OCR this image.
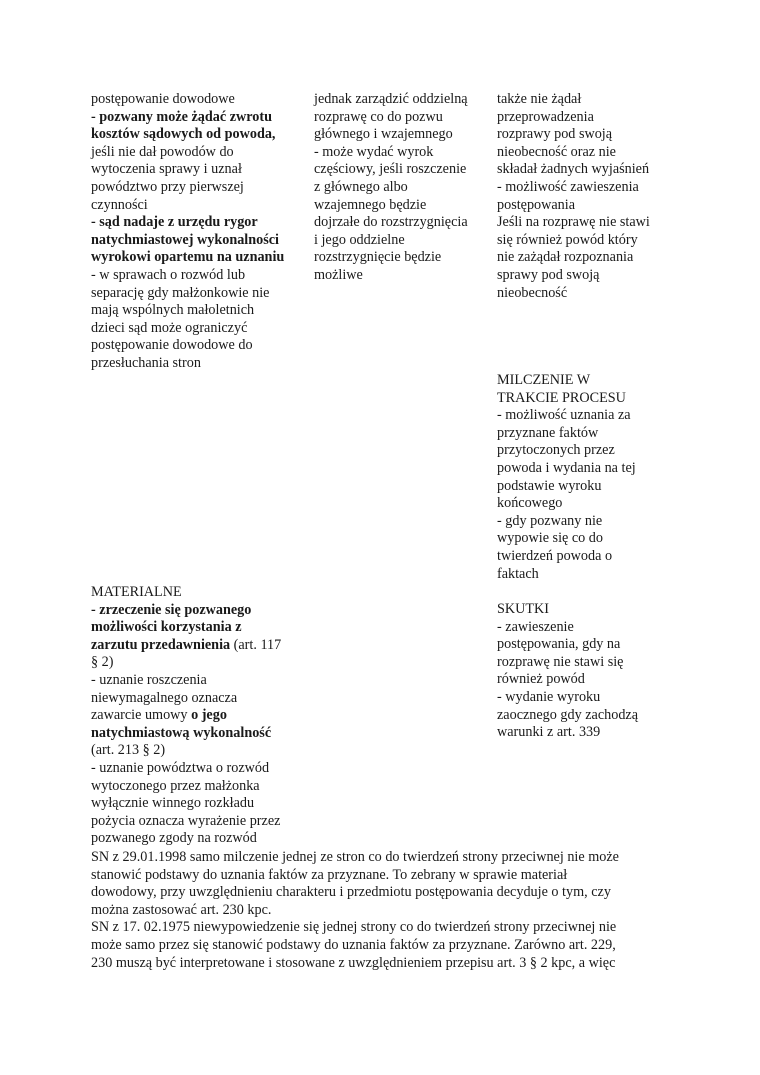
postępowanie dowodowe
- pozwany może żądać zwrotu
kosztów sądowych od powoda,
jeśli nie dał powodów do
wytoczenia sprawy i uznał
powództwo przy pierwszej
czynności
- sąd nadaje z urzędu rygor
natychmiastowej wykonalności
wyrokowi opartemu na uznaniu
- w sprawach o rozwód lub
separację gdy małżonkowie nie
mają wspólnych małoletnich
dzieci sąd może ograniczyć
postępowanie dowodowe do
przesłuchania stron
jednak zarządzić oddzielną
rozprawę co do pozwu
głównego i wzajemnego
- może wydać wyrok
częściowy, jeśli roszczenie
z głównego albo
wzajemnego będzie
dojrzałe do rozstrzygnięcia
i jego oddzielne
rozstrzygnięcie będzie
możliwe
także nie żądał
przeprowadzenia
rozprawy pod swoją
nieobecność oraz nie
składał żadnych wyjaśnień
- możliwość zawieszenia
postępowania
Jeśli na rozprawę nie stawi
się również powód który
nie zażądał rozpoznania
sprawy pod swoją
nieobecność
MILCZENIE W
TRAKCIE PROCESU
- możliwość uznania za
przyznane faktów
przytoczonych przez
powoda i wydania na tej
podstawie wyroku
końcowego
- gdy pozwany nie
wypowie się co do
twierdzeń powoda o
faktach
MATERIALNE
- zrzeczenie się pozwanego
możliwości korzystania z
zarzutu przedawnienia (art. 117
§ 2)
- uznanie roszczenia
niewymagalnego oznacza
zawarcie umowy o jego
natychmiastową wykonalność
(art. 213 § 2)
- uznanie powództwa o rozwód
wytoczonego przez małżonka
wyłącznie winnego rozkładu
pożycia oznacza wyrażenie przez
pozwanego zgody na rozwód
SKUTKI
- zawieszenie
postępowania, gdy na
rozprawę nie stawi się
również powód
- wydanie wyroku
zaocznego gdy zachodzą
warunki z art. 339
SN z 29.01.1998 samo milczenie jednej ze stron co do twierdzeń strony przeciwnej nie może
stanowić podstawy do uznania faktów za przyznane. To zebrany w sprawie materiał
dowodowy, przy uwzględnieniu charakteru i przedmiotu postępowania decyduje o tym, czy
można zastosować art. 230 kpc.
SN z 17. 02.1975 niewypowiedzenie się jednej strony co do twierdzeń strony przeciwnej nie
może samo przez się stanowić podstawy do uznania faktów za przyznane. Zarówno art. 229,
230 muszą być interpretowane i stosowane z uwzględnieniem przepisu art. 3 § 2 kpc, a więc
